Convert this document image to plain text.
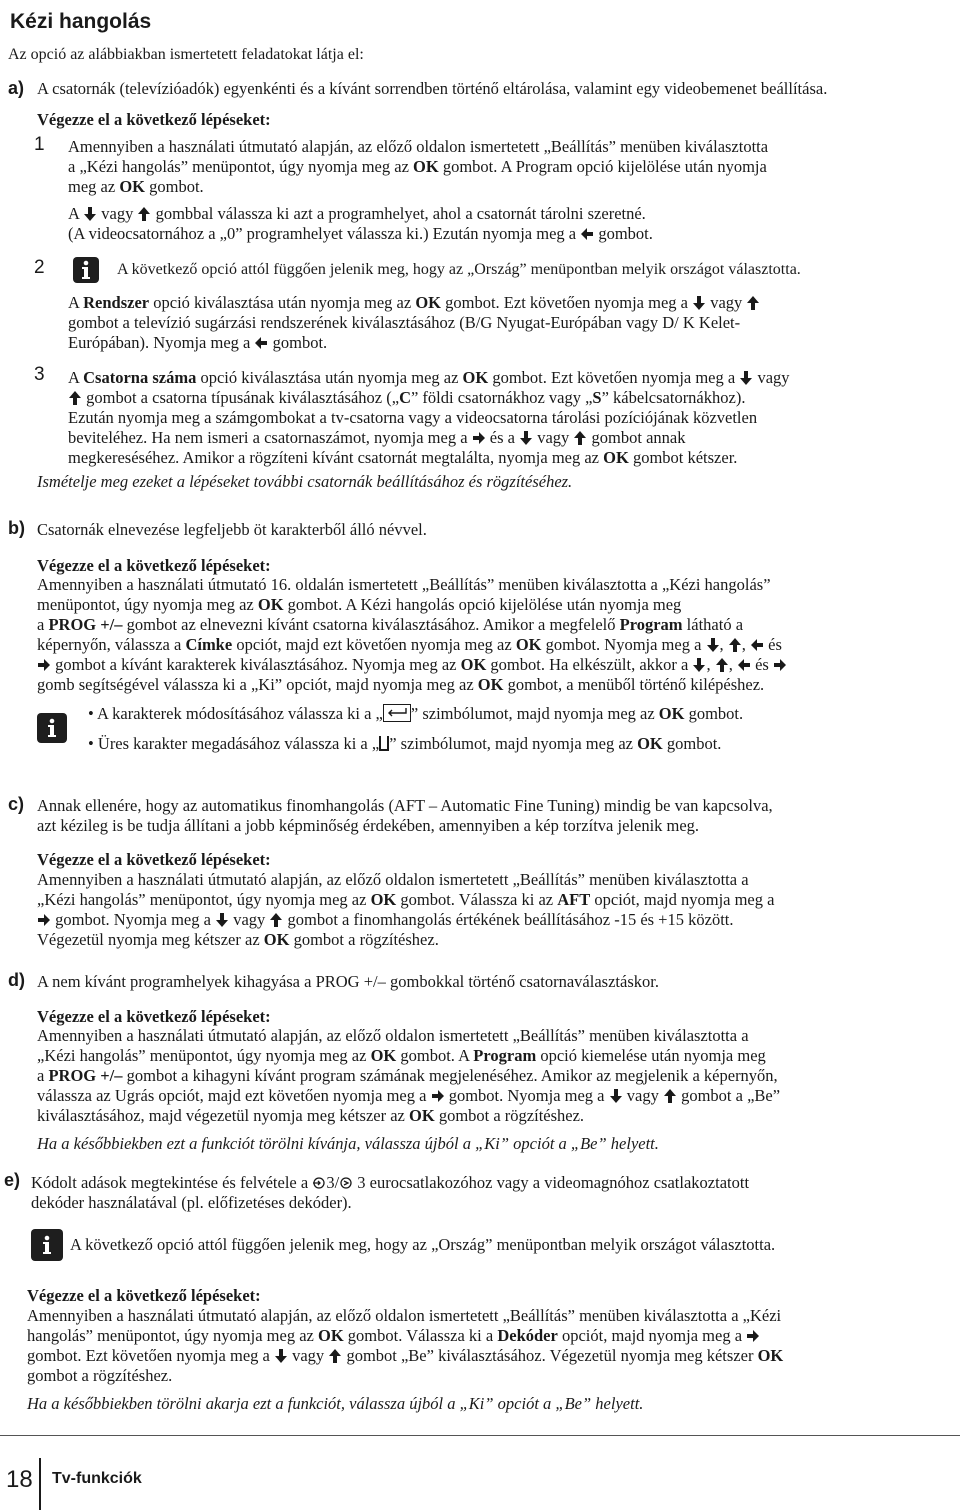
Kézi hangolás
Az opció az alábbiakban ismertetett feladatokat látja el:
a) A csatornák (televízióadók) egyenkénti és a kívánt sorrendben történő eltárolása, valamint egy videobemenet beállítása.
Végezze el a következő lépéseket:
1 Amennyiben a használati útmutató alapján, az előző oldalon ismertetett „Beállítás” menüben kiválasztotta
a „Kézi hangolás” menüpontot, úgy nyomja meg az OK gombot. A Program opció kijelölése után nyomja
meg az OK gombot.
A
vagy
gombbal válassza ki azt a programhelyet, ahol a csatornát tárolni szeretné.
(A videocsatornához a „0” programhelyet válassza ki.) Ezután nyomja meg a
gombot.
2	A következő opció attól függően jelenik meg, hogy az „Ország” menüpontban melyik országot választotta.
A Rendszer opció kiválasztása után nyomja meg az OK gombot. Ezt követően nyomja meg a
vagy
gombot a televízió sugárzási rendszerének kiválasztásához (B/G Nyugat-Európában vagy D/ K Kelet-
Európában). Nyomja meg a
gombot.
3 A Csatorna száma opció kiválasztása után nyomja meg az OK gombot. Ezt követően nyomja meg a
vagy
gombot a csatorna típusának kiválasztásához („C” földi csatornákhoz vagy „S” kábelcsatornákhoz).
Ezután nyomja meg a számgombokat a tv-csatorna vagy a videocsatorna tárolási pozíciójának közvetlen
beviteléhez. Ha nem ismeri a csatornaszámot, nyomja meg a
és a
vagy
gombot annak
megkereséséhez. Amikor a rögzíteni kívánt csatornát megtalálta, nyomja meg az OK gombot kétszer.
Ismételje meg ezeket a lépéseket további csatornák beállításához és rögzítéséhez.
b) Csatornák elnevezése legfeljebb öt karakterből álló névvel.
Végezze el a következő lépéseket:
Amennyiben a használati útmutató 16. oldalán ismertetett „Beállítás” menüben kiválasztotta a „Kézi hangolás”
menüpontot, úgy nyomja meg az OK gombot. A Kézi hangolás opció kijelölése után nyomja meg
a PROG +/– gombot az elnevezni kívánt csatorna kiválasztásához. Amikor a megfelelő Program látható a
képernyőn, válassza a Címke opciót, majd ezt követően nyomja meg az OK gombot. Nyomja meg a
,
,
és
gombot a kívánt karakterek kiválasztásához. Nyomja meg az OK gombot. Ha elkészült, akkor a
,
,
és
gomb segítségével válassza ki a „Ki” opciót, majd nyomja meg az OK gombot, a menüből történő kilépéshez.
• A karakterek módosításához válassza ki a „ ” szimbólumot, majd nyomja meg az OK gombot.
• Üres karakter megadásához válassza ki a „ ” szimbólumot, majd nyomja meg az OK gombot.
c) Annak ellenére, hogy az automatikus finomhangolás (AFT – Automatic Fine Tuning) mindig be van kapcsolva,
azt kézileg is be tudja állítani a jobb képminőség érdekében, amennyiben a kép torzítva jelenik meg.
Végezze el a következő lépéseket:
Amennyiben a használati útmutató alapján, az előző oldalon ismertetett „Beállítás” menüben kiválasztotta a
„Kézi hangolás” menüpontot, úgy nyomja meg az OK gombot. Válassza ki az AFT opciót, majd nyomja meg a
gombot. Nyomja meg a
vagy
gombot a finomhangolás értékének beállításához -15 és +15 között.
Végezetül nyomja meg kétszer az OK gombot a rögzítéshez.
d) A nem kívánt programhelyek kihagyása a PROG +/– gombokkal történő csatornaválasztáskor.
Végezze el a következő lépéseket:
Amennyiben a használati útmutató alapján, az előző oldalon ismertetett „Beállítás” menüben kiválasztotta a
„Kézi hangolás” menüpontot, úgy nyomja meg az OK gombot. A Program opció kiemelése után nyomja meg
a PROG +/– gombot a kihagyni kívánt program számának megjelenéséhez. Amikor az megjelenik a képernyőn,
válassza az Ugrás opciót, majd ezt követően nyomja meg a
gombot. Nyomja meg a
vagy
gombot a „Be”
kiválasztásához, majd végezetül nyomja meg kétszer az OK gombot a rögzítéshez.
Ha a későbbiekben ezt a funkciót törölni kívánja, válassza újból a „Ki” opciót a „Be” helyett.
e) Kódolt adások megtekintése és felvétele a
3/
3 eurocsatlakozóhoz vagy a videomagnóhoz csatlakoztatott
dekóder használatával (pl. előfizetéses dekóder).
A következő opció attól függően jelenik meg, hogy az „Ország” menüpontban melyik országot választotta.
Végezze el a következő lépéseket:
Amennyiben a használati útmutató alapján, az előző oldalon ismertetett „Beállítás” menüben kiválasztotta a „Kézi
hangolás” menüpontot, úgy nyomja meg az OK gombot. Válassza ki a Dekóder opciót, majd nyomja meg a
gombot. Ezt követően nyomja meg a
vagy
gombot „Be” kiválasztásához. Végezetül nyomja meg kétszer OK
gombot a rögzítéshez.
Ha a későbbiekben törölni akarja ezt a funkciót, válassza újból a „Ki” opciót a „Be” helyett.
18 Tv-funkciók
